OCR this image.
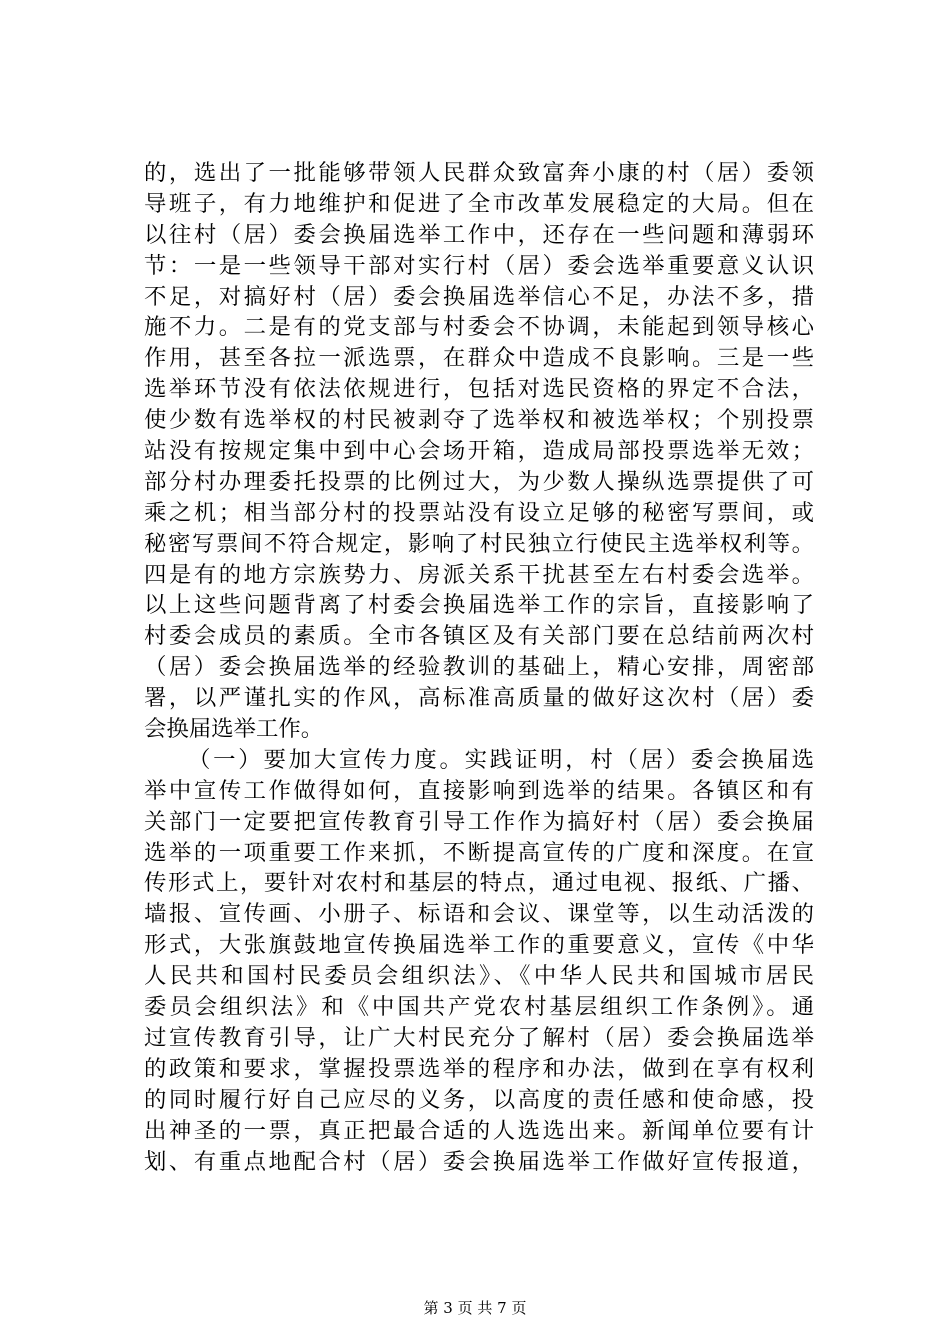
的，选出了一批能够带领人民群众致富奔小康的村（居）委领
导班子，有力地维护和促进了全市改革发展稳定的大局。但在
以往村（居）委会换届选举工作中，还存在一些问题和薄弱环
节：一是一些领导干部对实行村（居）委会选举重要意义认识
不足，对搞好村（居）委会换届选举信心不足，办法不多，措
施不力。二是有的党支部与村委会不协调，未能起到领导核心
作用，甚至各拉一派选票，在群众中造成不良影响。三是一些
选举环节没有依法依规进行，包括对选民资格的界定不合法，
使少数有选举权的村民被剥夺了选举权和被选举权；个别投票
站没有按规定集中到中心会场开箱，造成局部投票选举无效；
部分村办理委托投票的比例过大，为少数人操纵选票提供了可
乘之机；相当部分村的投票站没有设立足够的秘密写票间，或
秘密写票间不符合规定，影响了村民独立行使民主选举权利等。
四是有的地方宗族势力、房派关系干扰甚至左右村委会选举。
以上这些问题背离了村委会换届选举工作的宗旨，直接影响了
村委会成员的素质。全市各镇区及有关部门要在总结前两次村
（居）委会换届选举的经验教训的基础上，精心安排，周密部
署，以严谨扎实的作风，高标准高质量的做好这次村（居）委
会换届选举工作。
（一）要加大宣传力度。实践证明，村（居）委会换届选
举中宣传工作做得如何，直接影响到选举的结果。各镇区和有
关部门一定要把宣传教育引导工作作为搞好村（居）委会换届
选举的一项重要工作来抓，不断提高宣传的广度和深度。在宣
传形式上，要针对农村和基层的特点，通过电视、报纸、广播、
墙报、宣传画、小册子、标语和会议、课堂等，以生动活泼的
形式，大张旗鼓地宣传换届选举工作的重要意义，宣传《中华
人民共和国村民委员会组织法》、《中华人民共和国城市居民
委员会组织法》和《中国共产党农村基层组织工作条例》。通
过宣传教育引导，让广大村民充分了解村（居）委会换届选举
的政策和要求，掌握投票选举的程序和办法，做到在享有权利
的同时履行好自己应尽的义务，以高度的责任感和使命感，投
出神圣的一票，真正把最合适的人选选出来。新闻单位要有计
划、有重点地配合村（居）委会换届选举工作做好宣传报道，
第 3 页 共 7 页
